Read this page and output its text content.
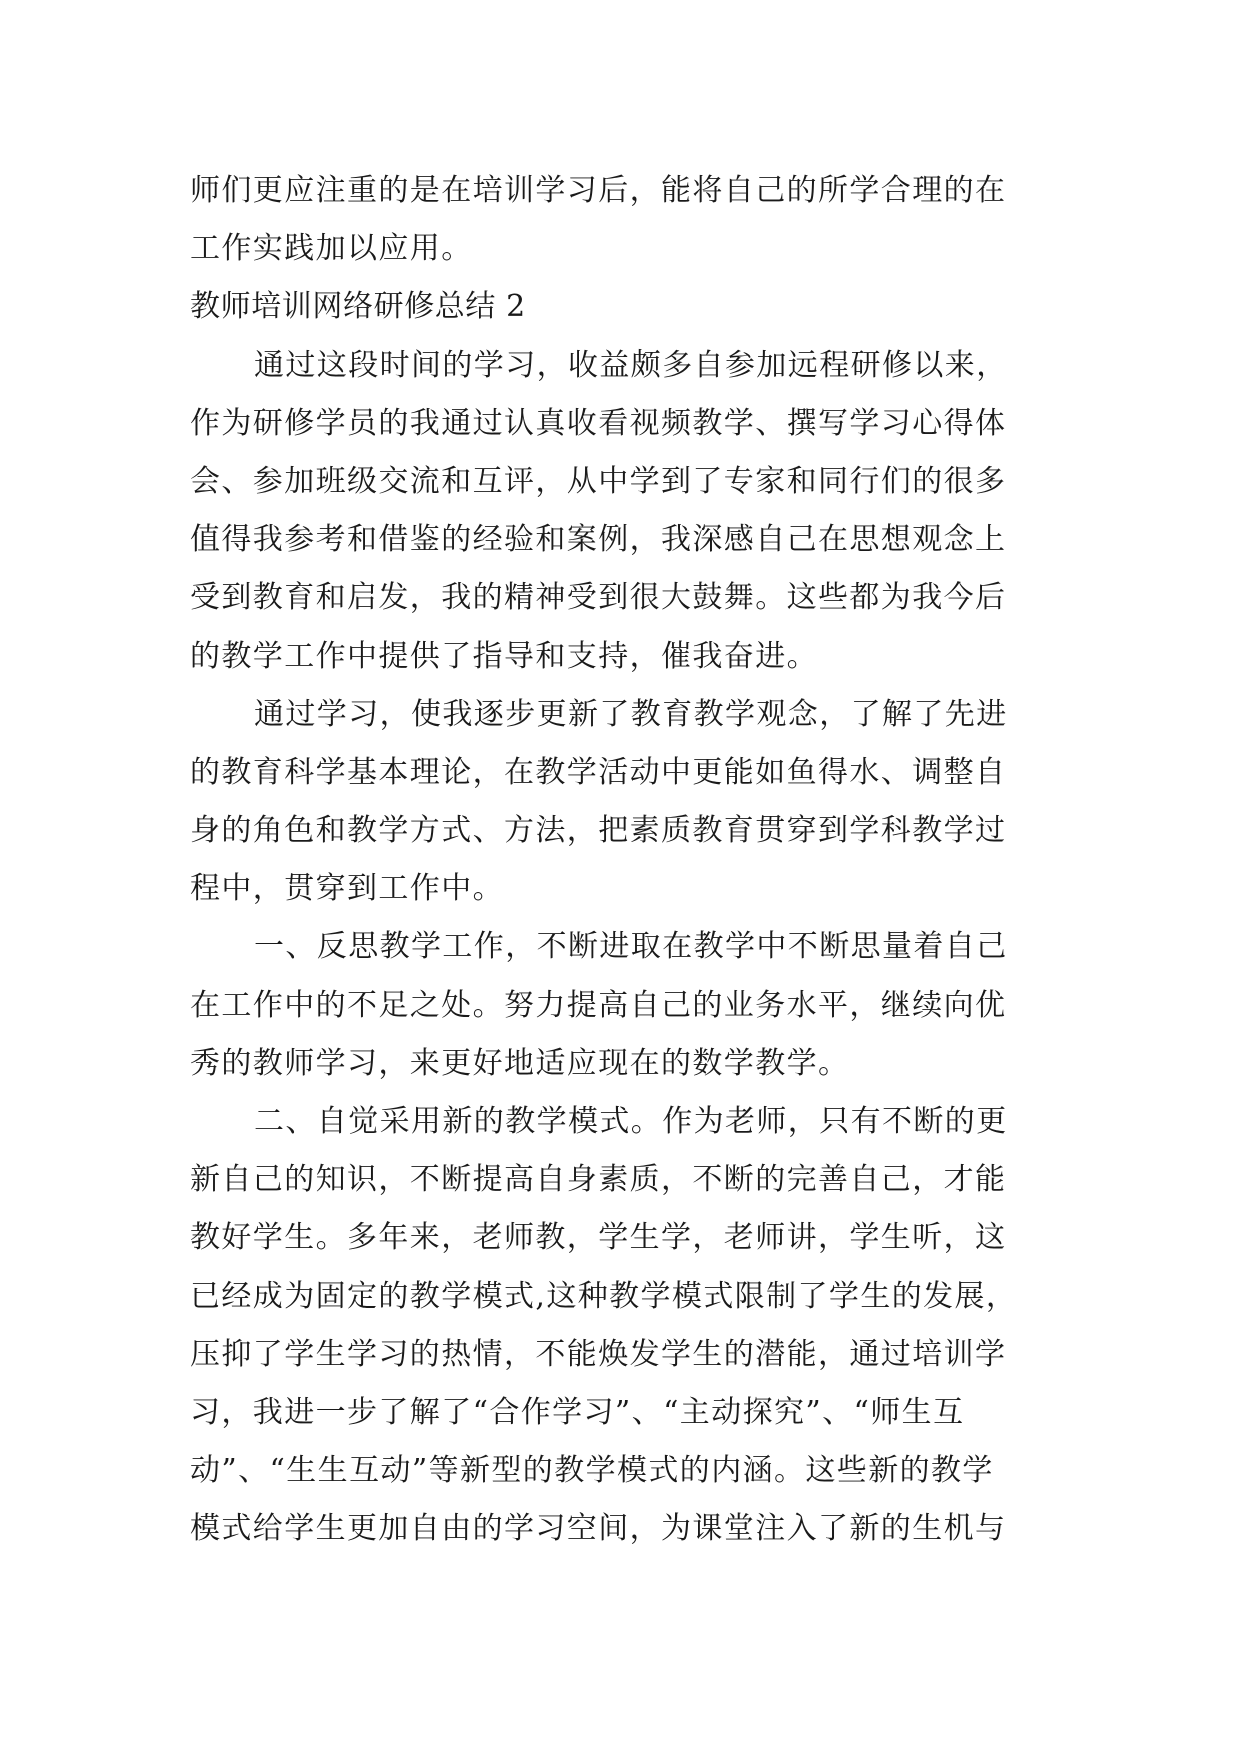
师们更应注重的是在培训学习后，能将自己的所学合理的在
工作实践加以应用。
教师培训网络研修总结 2
通过这段时间的学习，收益颇多自参加远程研修以来，
作为研修学员的我通过认真收看视频教学、撰写学习心得体
会、参加班级交流和互评，从中学到了专家和同行们的很多
值得我参考和借鉴的经验和案例，我深感自己在思想观念上
受到教育和启发，我的精神受到很大鼓舞。这些都为我今后
的教学工作中提供了指导和支持，催我奋进。
通过学习，使我逐步更新了教育教学观念，了解了先进
的教育科学基本理论，在教学活动中更能如鱼得水、调整自
身的角色和教学方式、方法，把素质教育贯穿到学科教学过
程中，贯穿到工作中。
一、反思教学工作，不断进取在教学中不断思量着自己
在工作中的不足之处。努力提高自己的业务水平，继续向优
秀的教师学习，来更好地适应现在的数学教学。
二、自觉采用新的教学模式。作为老师，只有不断的更
新自己的知识，不断提高自身素质，不断的完善自己，才能
教好学生。多年来，老师教，学生学，老师讲，学生听，这
已经成为固定的教学模式,这种教学模式限制了学生的发展，
压抑了学生学习的热情，不能焕发学生的潜能，通过培训学
习，我进一步了解了“合作学习”、“主动探究”、“师生互
动”、“生生互动”等新型的教学模式的内涵。这些新的教学
模式给学生更加自由的学习空间，为课堂注入了新的生机与
